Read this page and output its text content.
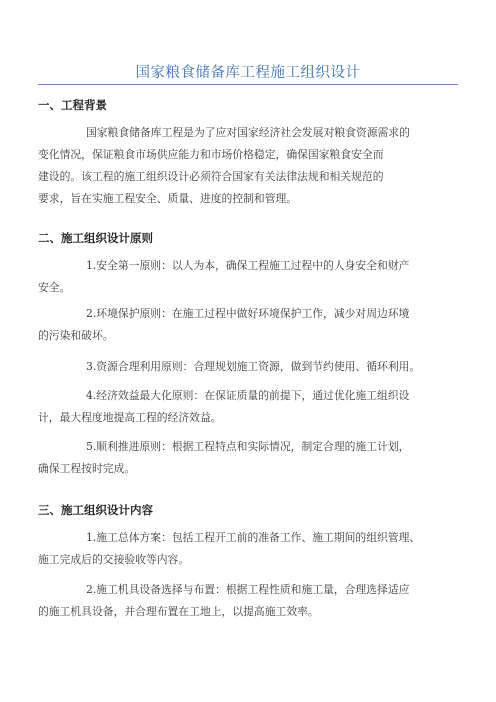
国家粮食储备库工程施工组织设计
一、工程背景
国家粮食储备库工程是为了应对国家经济社会发展对粮食资源需求的
变化情况，保证粮食市场供应能力和市场价格稳定，确保国家粮食安全而
建设的。该工程的施工组织设计必须符合国家有关法律法规和相关规范的
要求，旨在实施工程安全、质量、进度的控制和管理。
二、施工组织设计原则
1.安全第一原则：以人为本，确保工程施工过程中的人身安全和财产
安全。
2.环境保护原则：在施工过程中做好环境保护工作，减少对周边环境
的污染和破坏。
3.资源合理利用原则：合理规划施工资源，做到节约使用、循环利用。
4.经济效益最大化原则：在保证质量的前提下，通过优化施工组织设
计，最大程度地提高工程的经济效益。
5.顺利推进原则：根据工程特点和实际情况，制定合理的施工计划，
确保工程按时完成。
三、施工组织设计内容
1.施工总体方案：包括工程开工前的准备工作、施工期间的组织管理、
施工完成后的交接验收等内容。
2.施工机具设备选择与布置：根据工程性质和施工量，合理选择适应
的施工机具设备，并合理布置在工地上，以提高施工效率。
